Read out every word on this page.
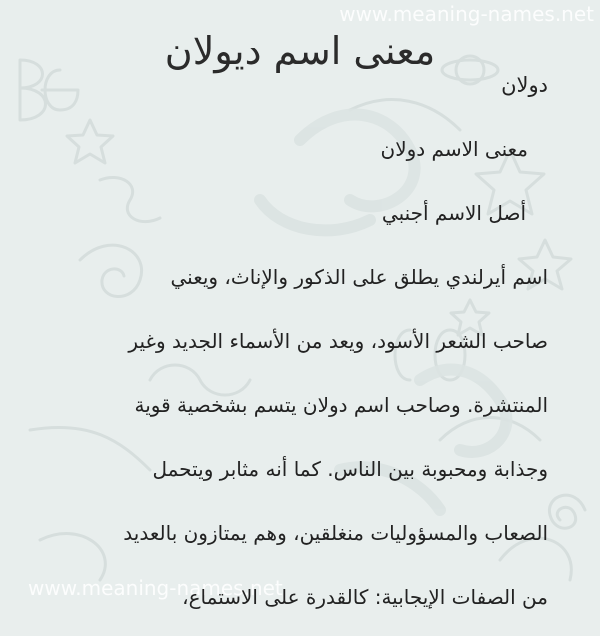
www.meaning-names.net
معنى اسم ديولان
دولان
معنى الاسم دولان
أصل الاسم أجنبي
اسم أيرلندي يطلق على الذكور والإناث، ويعني
صاحب الشعر الأسود، ويعد من الأسماء الجديد وغير
المنتشرة. وصاحب اسم دولان يتسم بشخصية قوية
وجذابة ومحبوبة بين الناس. كما أنه مثابر ويتحمل
الصعاب والمسؤوليات منغلقين، وهم يمتازون بالعديد
من الصفات الإيجابية: كالقدرة على الاستماع،
www.meaning-names.net
